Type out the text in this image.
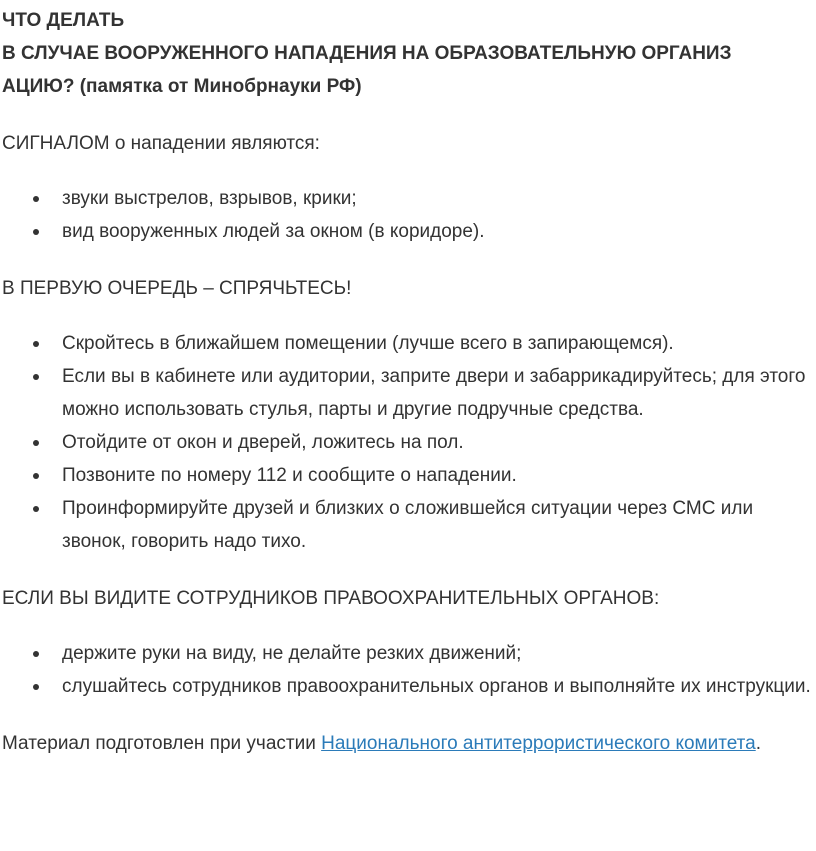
ЧТО ДЕЛАТЬ
В СЛУЧАЕ ВООРУЖЕННОГО НАПАДЕНИЯ НА ОБРАЗОВАТЕЛЬНУЮ ОРГАНИЗ
АЦИЮ? (памятка от Минобрнауки РФ)

СИГНАЛОМ о нападении являются:

звуки выстрелов, взрывов, крики;
вид вооруженных людей за окном (в коридоре).

В ПЕРВУЮ ОЧЕРЕДЬ – СПРЯЧЬТЕСЬ!

Скройтесь в ближайшем помещении (лучше всего в запирающемся).
Если вы в кабинете или аудитории, заприте двери и забаррикадируйтесь; для этого можно использовать стулья, парты и другие подручные средства.
Отойдите от окон и дверей, ложитесь на пол.
Позвоните по номеру 112 и сообщите о нападении.
Проинформируйте друзей и близких о сложившейся ситуации через СМС или звонок, говорить надо тихо.

ЕСЛИ ВЫ ВИДИТЕ СОТРУДНИКОВ ПРАВООХРАНИТЕЛЬНЫХ ОРГАНОВ:

держите руки на виду, не делайте резких движений;
слушайтесь сотрудников правоохранительных органов и выполняйте их инструкции.

Материал подготовлен при участии Национального антитеррористического комитета.
